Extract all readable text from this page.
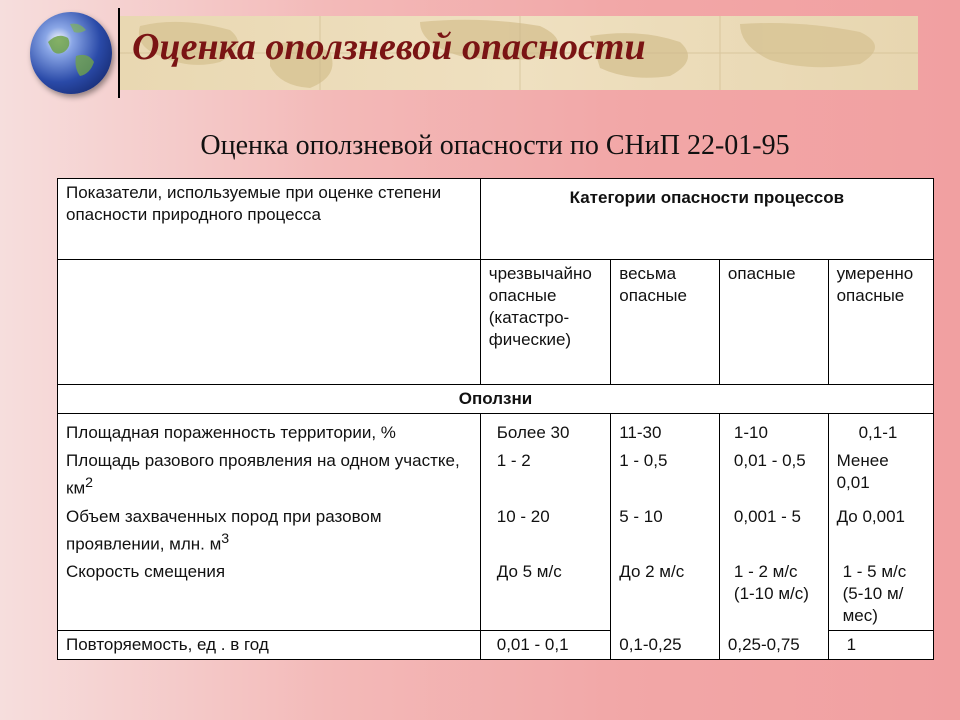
Оценка оползневой опасности
Оценка оползневой опасности по СНиП 22-01-95
Показатели, используемые при оценке степени опасности природного процесса	Категории опасности процессов			
	чрезвычайно опасные (катастро-фические)	весьма опасные	опасные	умеренно опасные
Оползни				
Площадная пораженность территории, %	Более 30	11-30	1-10	0,1-1
Площадь разового проявления на одном участке, $км^2$	1 - 2	1 - 0,5	0,01 - 0,5	Менее 0,01
Объем захваченных пород при разовом проявлении, млн. $м^3$	10 - 20	5 - 10	0,001 - 5	До 0,001
Скорость смещения	До 5 м/с	До 2 м/с	1 - 2 м/с (1-10 м/с)	1 - 5 м/с (5-10 м/мес)
Повторяемость, ед . в год	0,01 - 0,1	0,1-0,25	0,25-0,75	1
